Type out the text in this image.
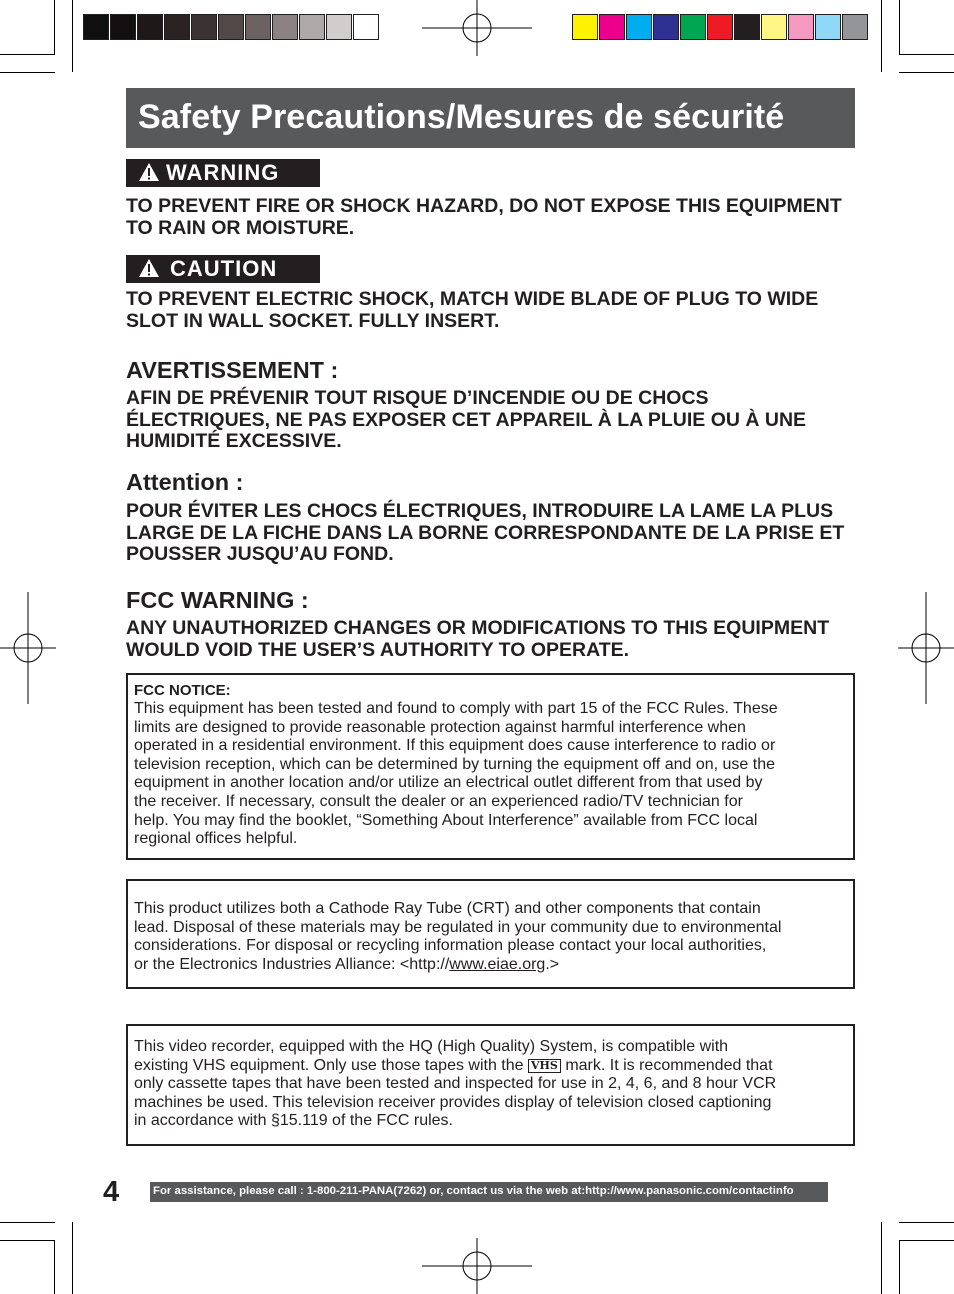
Safety Precautions/Mesures de sécurité
WARNING
TO PREVENT FIRE OR SHOCK HAZARD, DO NOT EXPOSE THIS EQUIPMENT TO RAIN OR MOISTURE.
CAUTION
TO PREVENT ELECTRIC SHOCK, MATCH WIDE BLADE OF PLUG TO WIDE SLOT IN WALL SOCKET. FULLY INSERT.
AVERTISSEMENT :
AFIN DE PRÉVENIR TOUT RISQUE D’INCENDIE OU DE CHOCS ÉLECTRIQUES, NE PAS EXPOSER CET APPAREIL À LA PLUIE OU À UNE HUMIDITÉ EXCESSIVE.
Attention :
POUR ÉVITER LES CHOCS ÉLECTRIQUES, INTRODUIRE LA LAME LA PLUS LARGE DE LA FICHE DANS LA BORNE CORRESPONDANTE DE LA PRISE ET POUSSER JUSQU’AU FOND.
FCC WARNING :
ANY UNAUTHORIZED CHANGES OR MODIFICATIONS TO THIS EQUIPMENT WOULD VOID THE USER’S AUTHORITY TO OPERATE.
FCC NOTICE:
This equipment has been tested and found to comply with part 15 of the FCC Rules. These
limits are designed to provide reasonable protection against harmful interference when
operated in a residential environment. If this equipment does cause interference to radio or
television reception, which can be determined by turning the equipment off and on, use the
equipment in another location and/or utilize an electrical outlet different from that used by
the receiver. If necessary, consult the dealer or an experienced radio/TV technician for
help. You may find the booklet, “Something About Interference” available from FCC local
regional offices helpful.
This product utilizes both a Cathode Ray Tube (CRT) and other components that contain
lead. Disposal of these materials may be regulated in your community due to environmental
considerations. For disposal or recycling information please contact your local authorities,
or the Electronics Industries Alliance: <http://www.eiae.org.>
This video recorder, equipped with the HQ (High Quality) System, is compatible with
existing VHS equipment. Only use those tapes with the VHS mark. It is recommended that
only cassette tapes that have been tested and inspected for use in 2, 4, 6, and 8 hour VCR
machines be used. This television receiver provides display of television closed captioning
in accordance with §15.119 of the FCC rules.
4	For assistance, please call : 1-800-211-PANA(7262) or, contact us via the web at:http://www.panasonic.com/contactinfo
